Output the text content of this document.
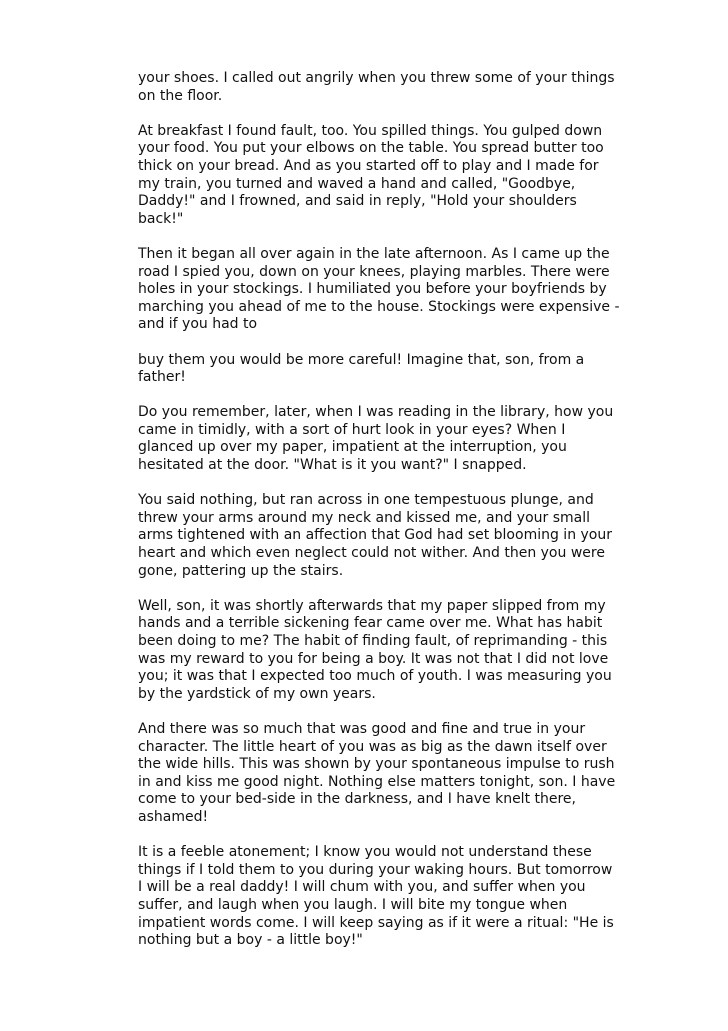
your shoes. I called out angrily when you threw some of your things
on the floor.

At breakfast I found fault, too. You spilled things. You gulped down
your food. You put your elbows on the table. You spread butter too
thick on your bread. And as you started off to play and I made for
my train, you turned and waved a hand and called, "Goodbye,
Daddy!" and I frowned, and said in reply, "Hold your shoulders
back!"

Then it began all over again in the late afternoon. As I came up the
road I spied you, down on your knees, playing marbles. There were
holes in your stockings. I humiliated you before your boyfriends by
marching you ahead of me to the house. Stockings were expensive -
and if you had to

buy them you would be more careful! Imagine that, son, from a
father!

Do you remember, later, when I was reading in the library, how you
came in timidly, with a sort of hurt look in your eyes? When I
glanced up over my paper, impatient at the interruption, you
hesitated at the door. "What is it you want?" I snapped.

You said nothing, but ran across in one tempestuous plunge, and
threw your arms around my neck and kissed me, and your small
arms tightened with an affection that God had set blooming in your
heart and which even neglect could not wither. And then you were
gone, pattering up the stairs.

Well, son, it was shortly afterwards that my paper slipped from my
hands and a terrible sickening fear came over me. What has habit
been doing to me? The habit of finding fault, of reprimanding - this
was my reward to you for being a boy. It was not that I did not love
you; it was that I expected too much of youth. I was measuring you
by the yardstick of my own years.

And there was so much that was good and fine and true in your
character. The little heart of you was as big as the dawn itself over
the wide hills. This was shown by your spontaneous impulse to rush
in and kiss me good night. Nothing else matters tonight, son. I have
come to your bed-side in the darkness, and I have knelt there,
ashamed!

It is a feeble atonement; I know you would not understand these
things if I told them to you during your waking hours. But tomorrow
I will be a real daddy! I will chum with you, and suffer when you
suffer, and laugh when you laugh. I will bite my tongue when
impatient words come. I will keep saying as if it were a ritual: "He is
nothing but a boy - a little boy!"
